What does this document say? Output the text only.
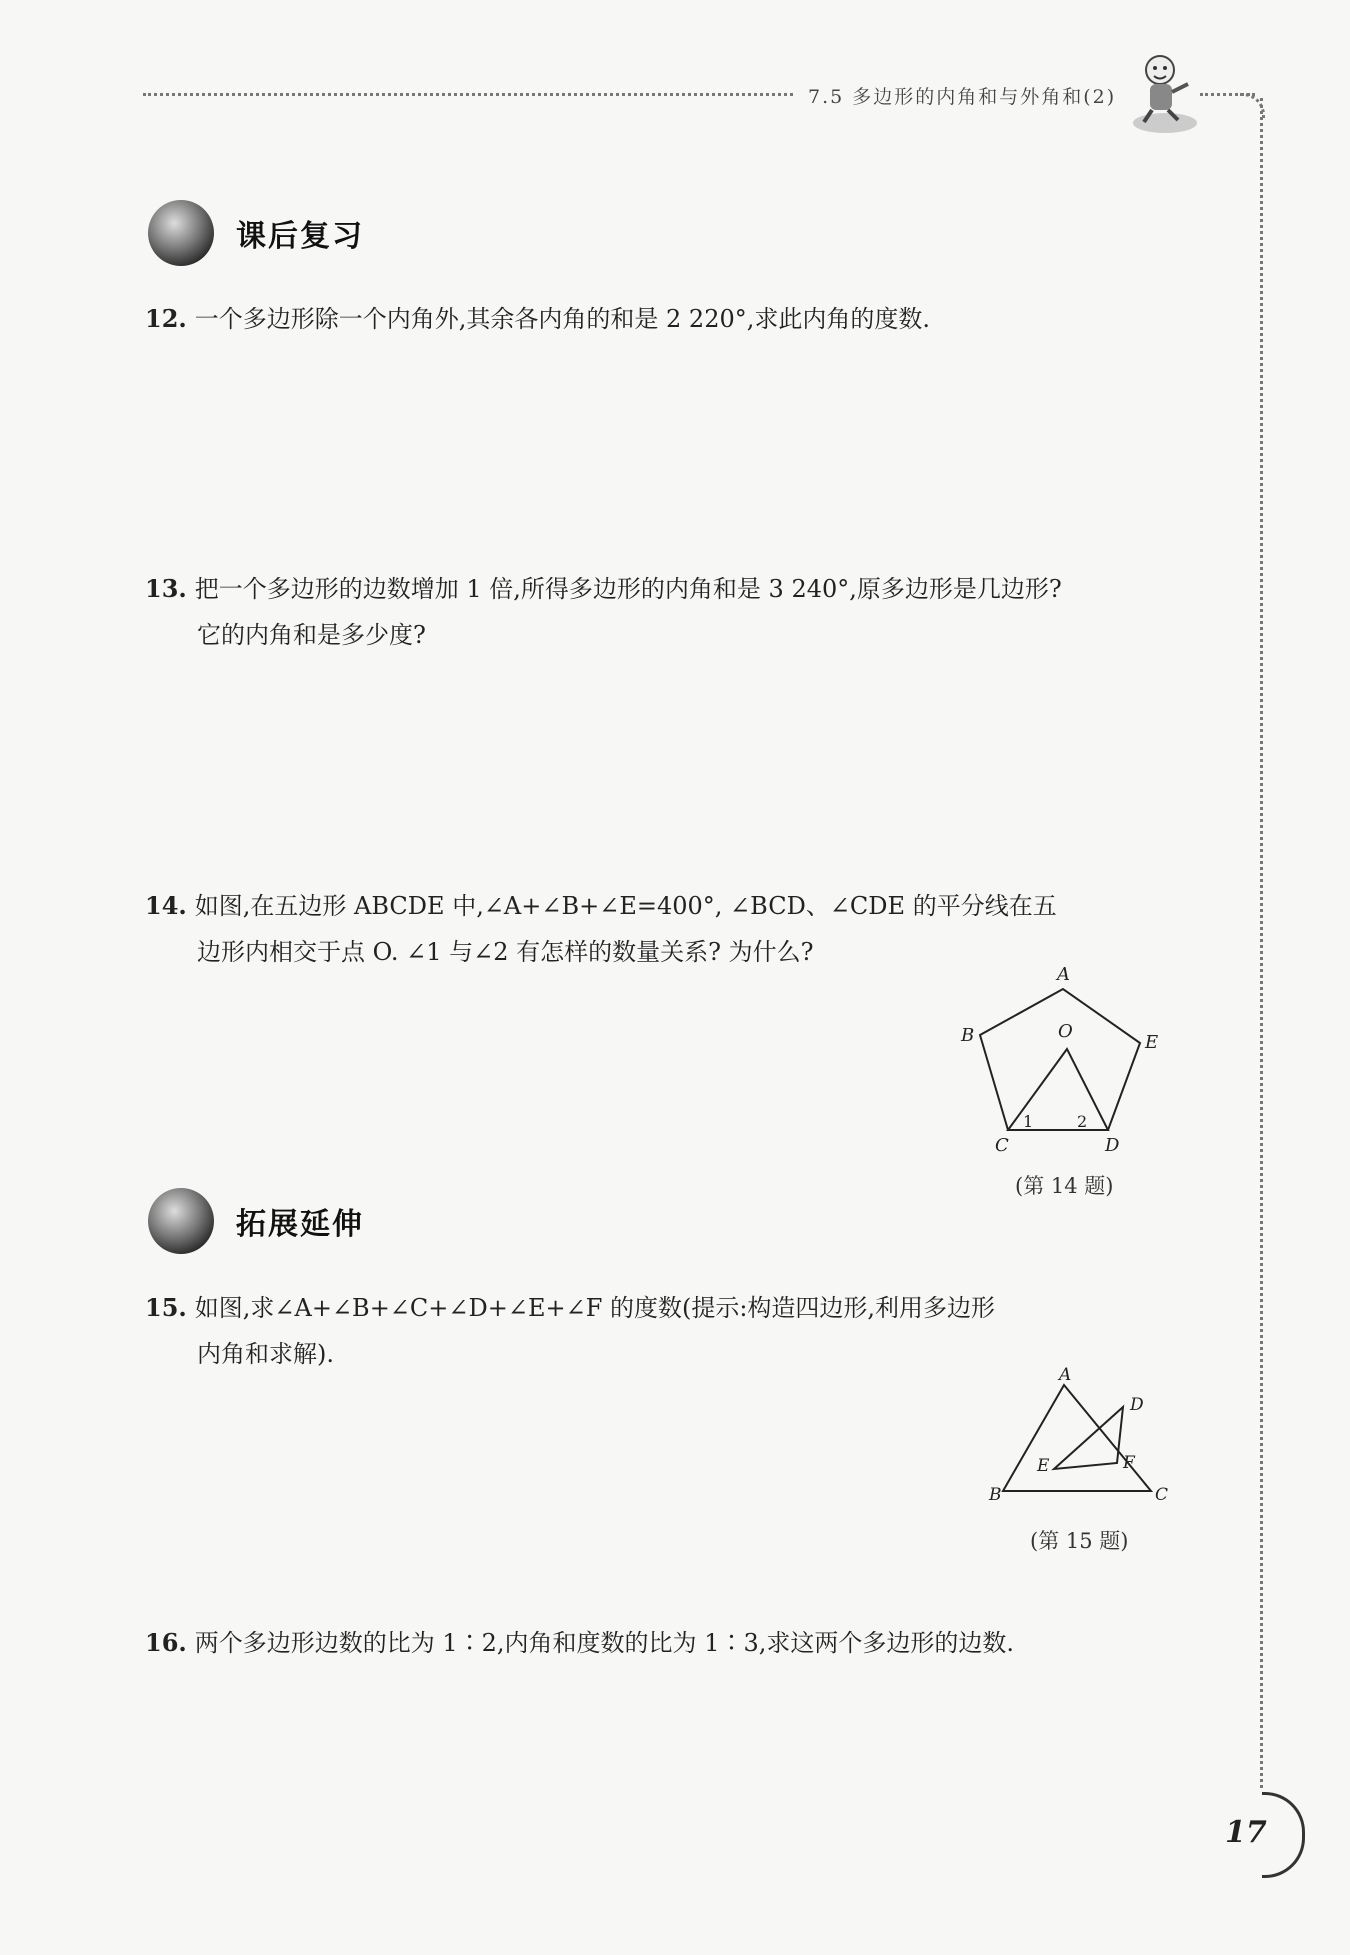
7.5 多边形的内角和与外角和(2)
课后复习
12. 一个多边形除一个内角外,其余各内角的和是 2 220°,求此内角的度数.
13. 把一个多边形的边数增加 1 倍,所得多边形的内角和是 3 240°,原多边形是几边形?
它的内角和是多少度?
14. 如图,在五边形 ABCDE 中,∠A+∠B+∠E=400°, ∠BCD、∠CDE 的平分线在五
边形内相交于点 O. ∠1 与∠2 有怎样的数量关系? 为什么?
A
B
C	D
E
O
1	2
(第 14 题)
拓展延伸
15. 如图,求∠A+∠B+∠C+∠D+∠E+∠F 的度数(提示:构造四边形,利用多边形
内角和求解).
A
B	C
D
E	F
(第 15 题)
16. 两个多边形边数的比为 1∶2,内角和度数的比为 1∶3,求这两个多边形的边数.
17
